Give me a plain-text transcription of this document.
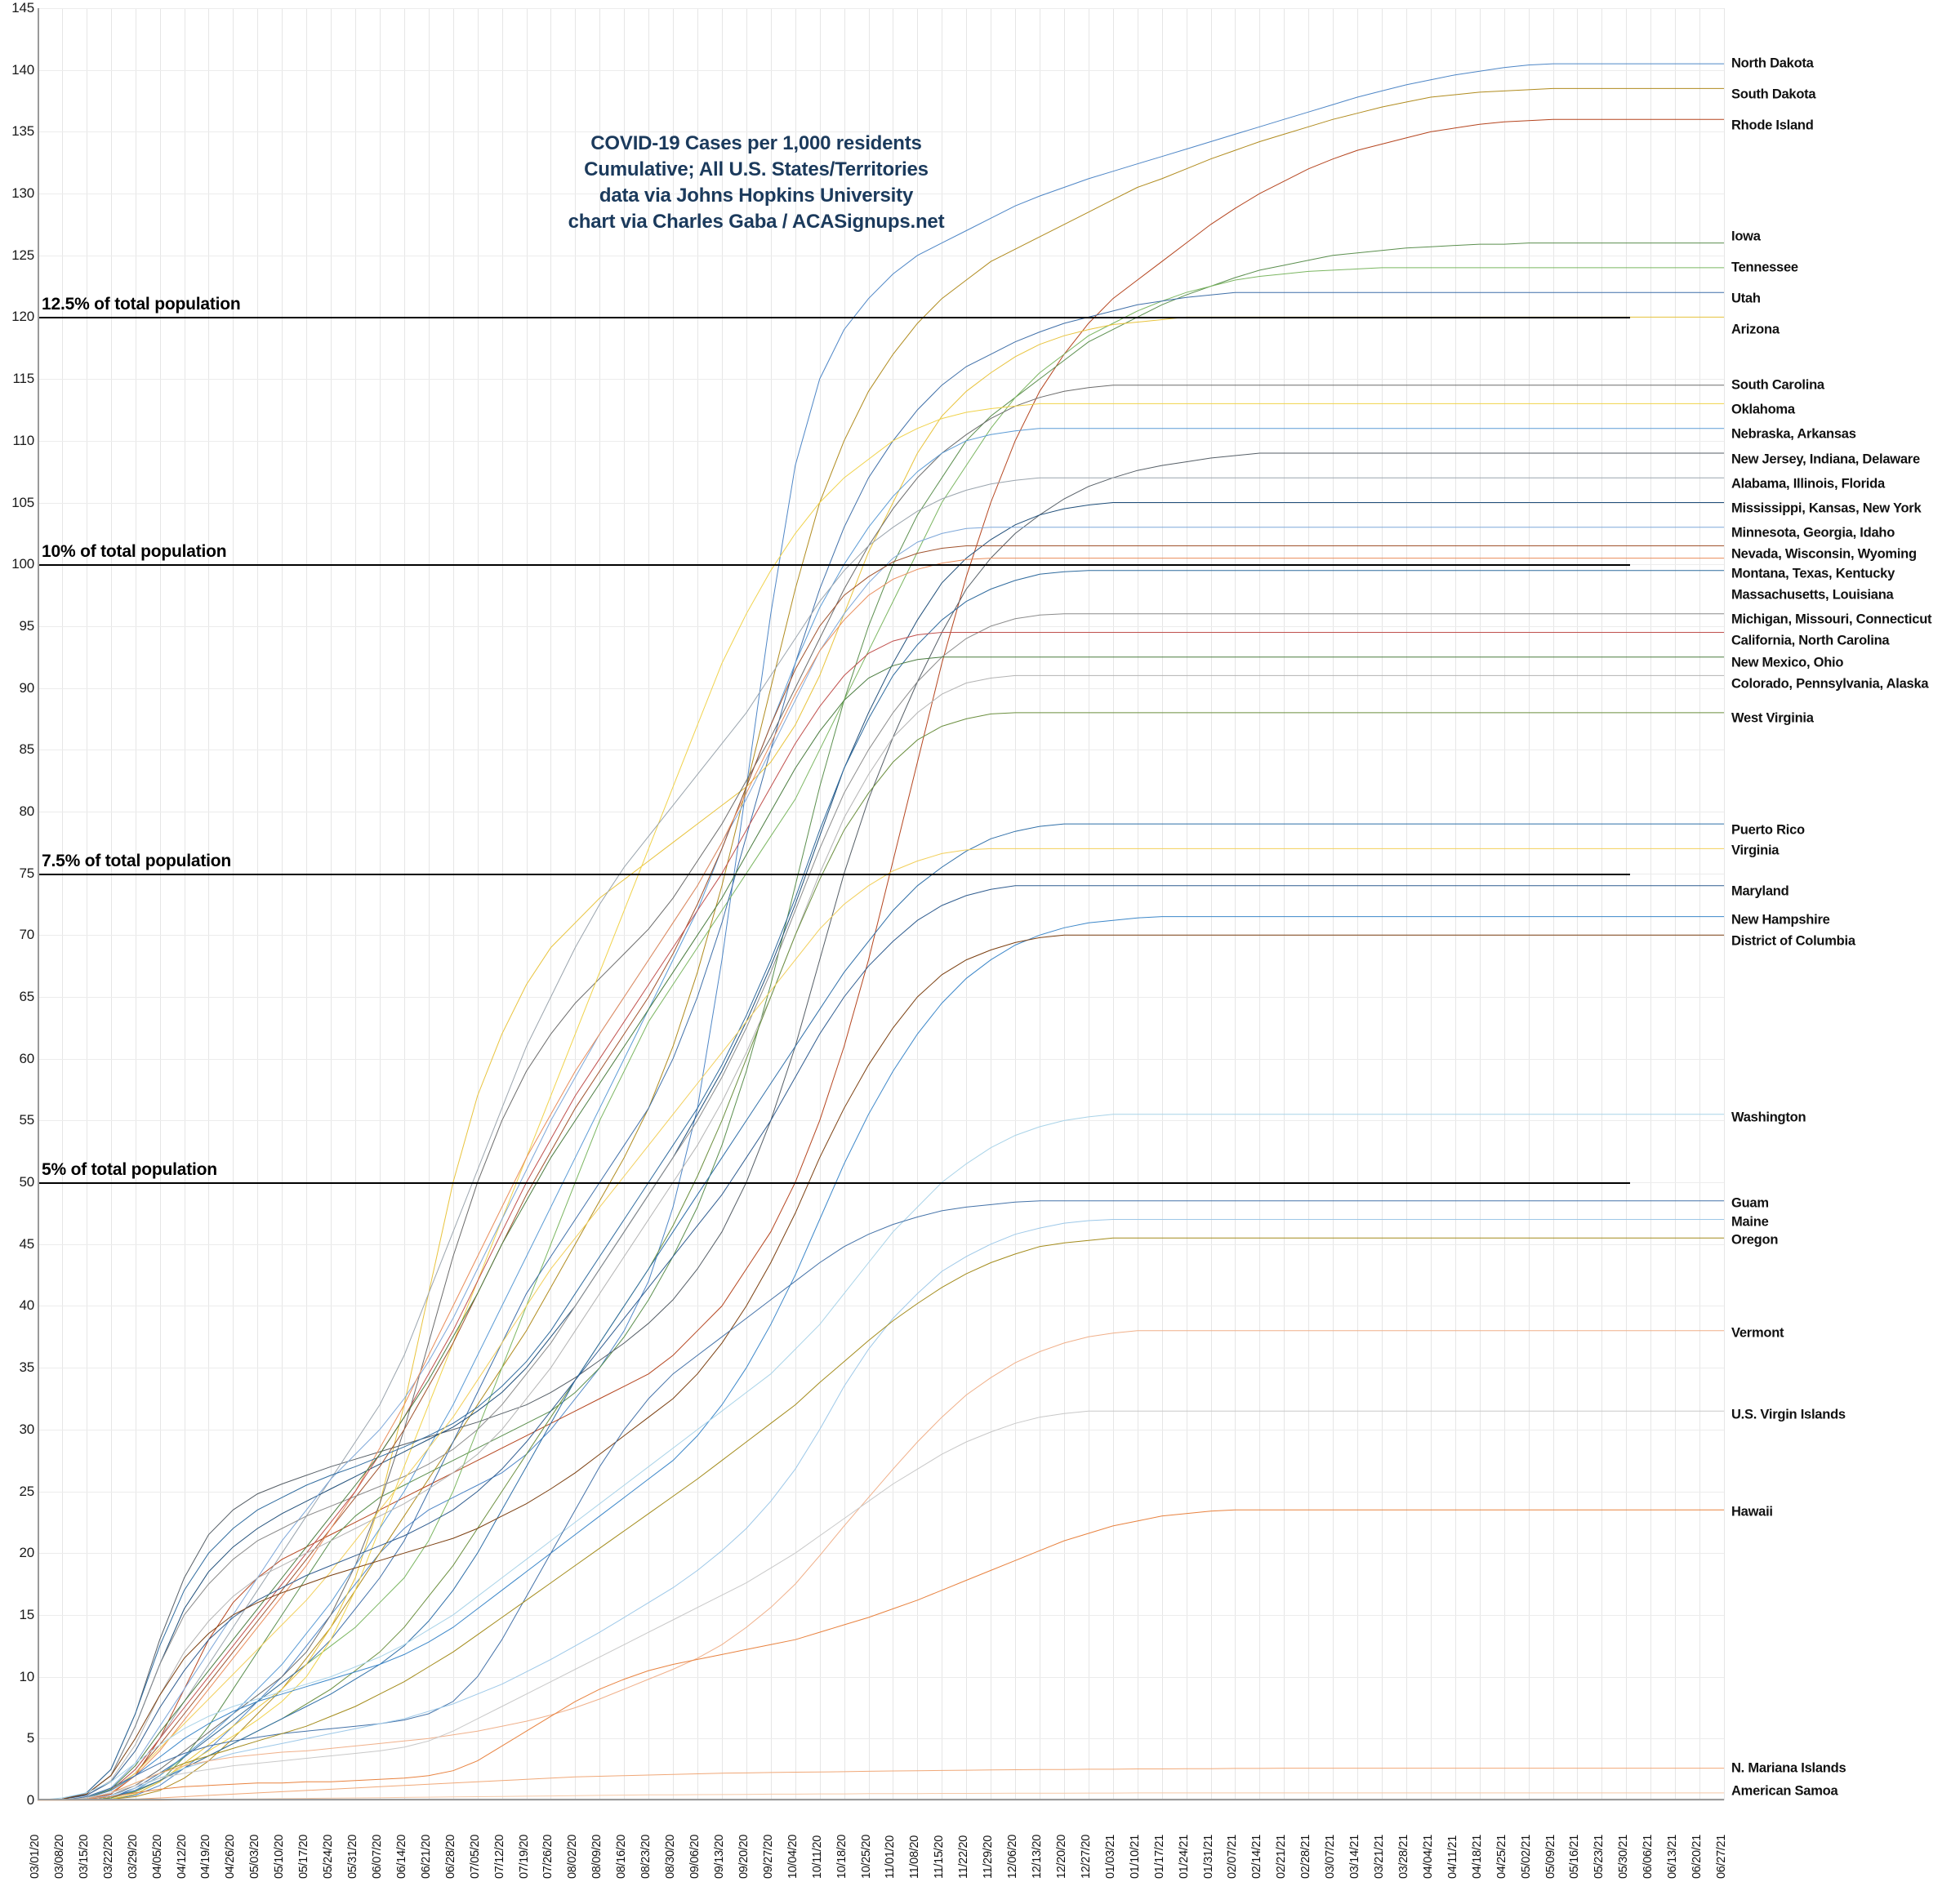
0
5
10
15
20
25
30
35
40
45
50
55
60
65
70
75
80
85
90
95
100
105
110
115
120
125
130
135
140
145
12.5% of total population
10% of total population
7.5% of total population
5% of total population
COVID-19 Cases per 1,000 residents
Cumulative; All U.S. States/Territories
data via Johns Hopkins University
chart via Charles Gaba / ACASignups.net
03/01/20 03/08/20 03/15/20 03/22/20 03/29/20 04/05/20 04/12/20 04/19/20 04/26/20 05/03/20 05/10/20 05/17/20 05/24/20 05/31/20 06/07/20 06/14/20 06/21/20 06/28/20 07/05/20 07/12/20 07/19/20 07/26/20 08/02/20 08/09/20 08/16/20 08/23/20 08/30/20 09/06/20 09/13/20 09/20/20 09/27/20 10/04/20 10/11/20 10/18/20 10/25/20 11/01/20 11/08/20 11/15/20 11/22/20 11/29/20 12/06/20 12/13/20 12/20/20 12/27/20 01/03/21 01/10/21 01/17/21 01/24/21 01/31/21 02/07/21 02/14/21 02/21/21 02/28/21 03/07/21 03/14/21 03/21/21 03/28/21 04/04/21 04/11/21 04/18/21 04/25/21 05/02/21 05/09/21 05/16/21 05/23/21 05/30/21 06/06/21 06/13/21 06/20/21 06/27/21
North Dakota
South Dakota
Rhode Island
Iowa
Tennessee
Utah
Arizona
South Carolina
Oklahoma
Nebraska, Arkansas
New Jersey, Indiana, Delaware
Alabama, Illinois, Florida
Mississippi, Kansas, New York
Minnesota, Georgia, Idaho
Nevada, Wisconsin, Wyoming
Montana, Texas, Kentucky
Massachusetts, Louisiana
Michigan, Missouri, Connecticut
California, North Carolina
New Mexico, Ohio
Colorado, Pennsylvania, Alaska
West Virginia
Puerto Rico
Virginia
Maryland
New Hampshire
District of Columbia
Washington
Guam
Maine
Oregon
Vermont
U.S. Virgin Islands
Hawaii
N. Mariana Islands
American Samoa
